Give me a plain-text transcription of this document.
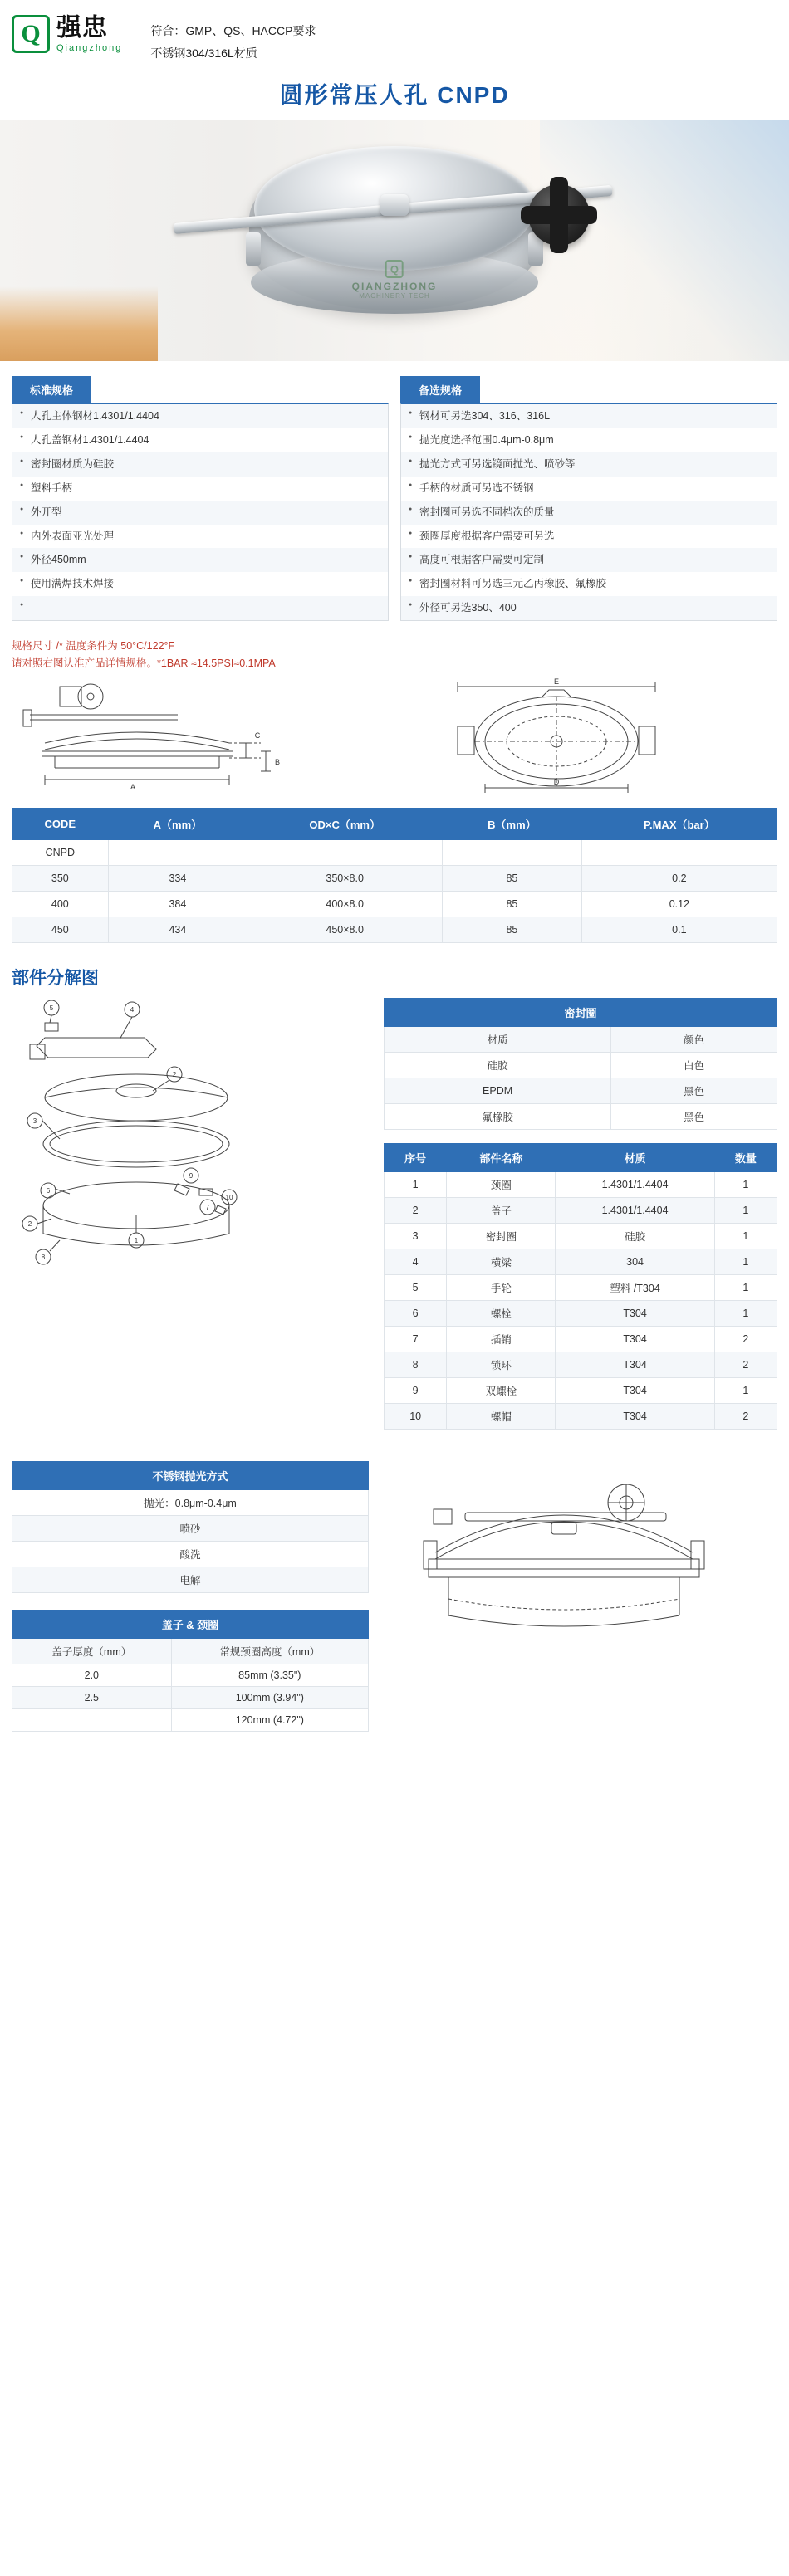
Q 强忠
Qiangzhong
符合：GMP、QS、HACCP要求
不锈钢304/316L材质
圆形常压人孔 CNPD
Q
QIANGZHONG
MACHINERY TECH
标准规格
● 人孔主体钢材1.4301/1.4404
● 人孔盖钢材1.4301/1.4404
● 密封圈材质为硅胶
● 塑料手柄
● 外开型
● 内外表面亚光处理
● 外径450mm
● 使用满焊技术焊接
●
备选规格
● 钢材可另选304、316、316L
● 抛光度选择范围0.4μm-0.8μm
● 抛光方式可另选镜面抛光、喷砂等
● 手柄的材质可另选不锈钢
● 密封圈可另选不同档次的质量
● 颈圈厚度根据客户需要可另选
● 高度可根据客户需要可定制
● 密封圈材料可另选三元乙丙橡胶、氟橡胶
● 外径可另选350、400
规格尺寸 /* 温度条件为 50°C/122°F
请对照右图认准产品详情规格。*1BAR ≈14.5PSI≈0.1MPA
A
C
B
E
D
CODE	A（mm）	OD×C（mm）	B（mm）	P.MAX（bar）
CNPD				
350	334	350×8.0	85	0.2
400	384	400×8.0	85	0.12
450	434	450×8.0	85	0.1
部件分解图
5	4
2
3
1
2
8
6
9
7
10
密封圈	
材质	颜色
硅胶	白色
EPDM	黑色
氟橡胶	黑色
序号	部件名称	材质	数量
1	颈圈	1.4301/1.4404	1
2	盖子	1.4301/1.4404	1
3	密封圈	硅胶	1
4	横梁	304	1
5	手轮	塑料 /T304	1
6	螺栓	T304	1
7	插销	T304	2
8	锁环	T304	2
9	双螺栓	T304	1
10	螺帽	T304	2
不锈钢抛光方式
抛光：0.8μm-0.4μm
喷砂
酸洗
电解
盖子 & 颈圈	
盖子厚度（mm）	常规颈圈高度（mm）
2.0	85mm (3.35")
2.5	100mm (3.94")
	120mm (4.72")
